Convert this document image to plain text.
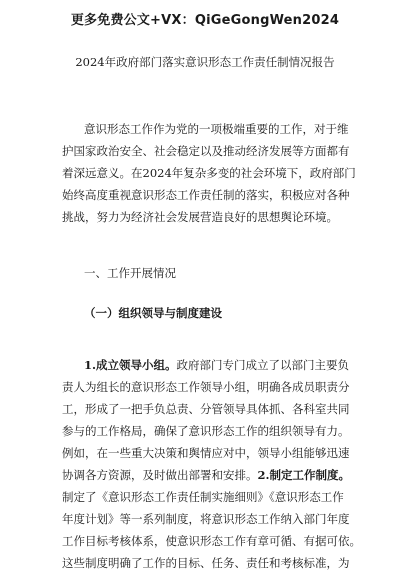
更多免费公文+VX：QiGeGongWen2024
2024年政府部门落实意识形态工作责任制情况报告
意识形态工作作为党的一项极端重要的工作，对于维
护国家政治安全、社会稳定以及推动经济发展等方面都有
着深远意义。在2024年复杂多变的社会环境下，政府部门
始终高度重视意识形态工作责任制的落实，积极应对各种
挑战，努力为经济社会发展营造良好的思想舆论环境。
一、工作开展情况
（一）组织领导与制度建设
1.成立领导小组。政府部门专门成立了以部门主要负
责人为组长的意识形态工作领导小组，明确各成员职责分
工，形成了一把手负总责、分管领导具体抓、各科室共同
参与的工作格局，确保了意识形态工作的组织领导有力。
例如，在一些重大决策和舆情应对中，领导小组能够迅速
协调各方资源，及时做出部署和安排。2.制定工作制度。
制定了《意识形态工作责任制实施细则》《意识形态工作
年度计划》等一系列制度，将意识形态工作纳入部门年度
工作目标考核体系，使意识形态工作有章可循、有据可依。
这些制度明确了工作的目标、任务、责任和考核标准，为
